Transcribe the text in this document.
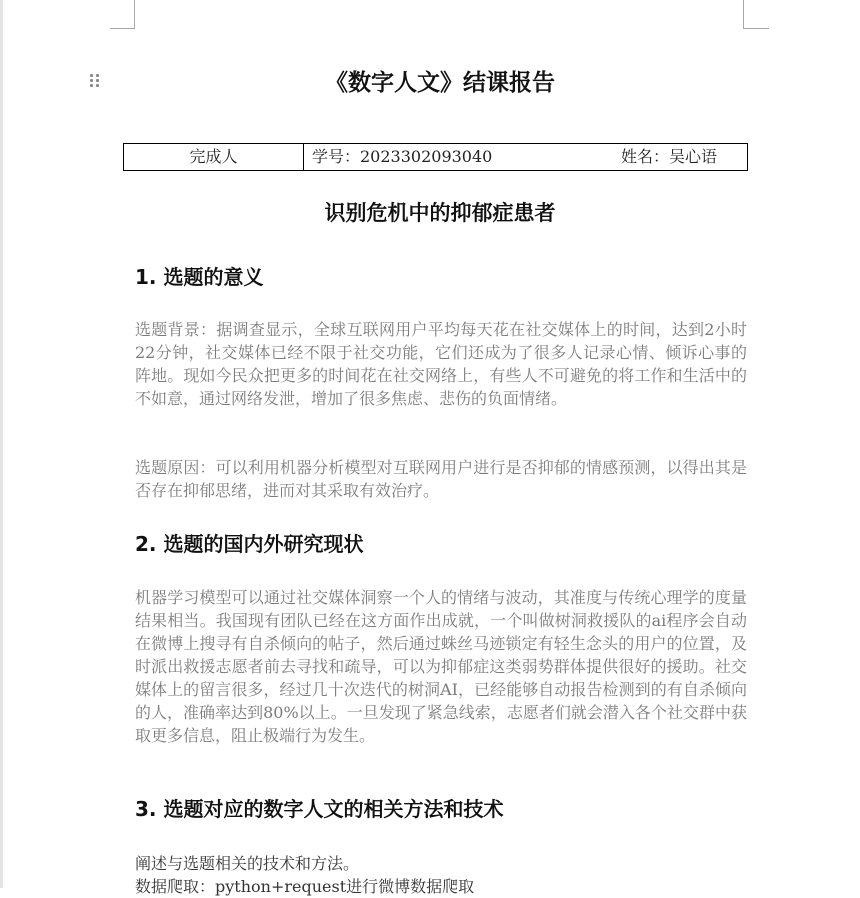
《数字人文》结课报告
完成人	学号：2023302093040	姓名：吴心语
识别危机中的抑郁症患者
1. 选题的意义
选题背景：据调查显示，全球互联网用户平均每天花在社交媒体上的时间，达到2小时22分钟，社交媒体已经不限于社交功能，它们还成为了很多人记录心情、倾诉心事的阵地。现如今民众把更多的时间花在社交网络上，有些人不可避免的将工作和生活中的不如意，通过网络发泄，增加了很多焦虑、悲伤的负面情绪。
选题原因：可以利用机器分析模型对互联网用户进行是否抑郁的情感预测，以得出其是否存在抑郁思绪，进而对其采取有效治疗。
2. 选题的国内外研究现状
机器学习模型可以通过社交媒体洞察一个人的情绪与波动，其准度与传统心理学的度量结果相当。我国现有团队已经在这方面作出成就，一个叫做树洞救援队的ai程序会自动在微博上搜寻有自杀倾向的帖子，然后通过蛛丝马迹锁定有轻生念头的用户的位置，及时派出救援志愿者前去寻找和疏导，可以为抑郁症这类弱势群体提供很好的援助。社交媒体上的留言很多，经过几十次迭代的树洞AI，已经能够自动报告检测到的有自杀倾向的人，准确率达到80%以上。一旦发现了紧急线索，志愿者们就会潜入各个社交群中获取更多信息，阻止极端行为发生。
3. 选题对应的数字人文的相关方法和技术
阐述与选题相关的技术和方法。
数据爬取：python+request进行微博数据爬取
